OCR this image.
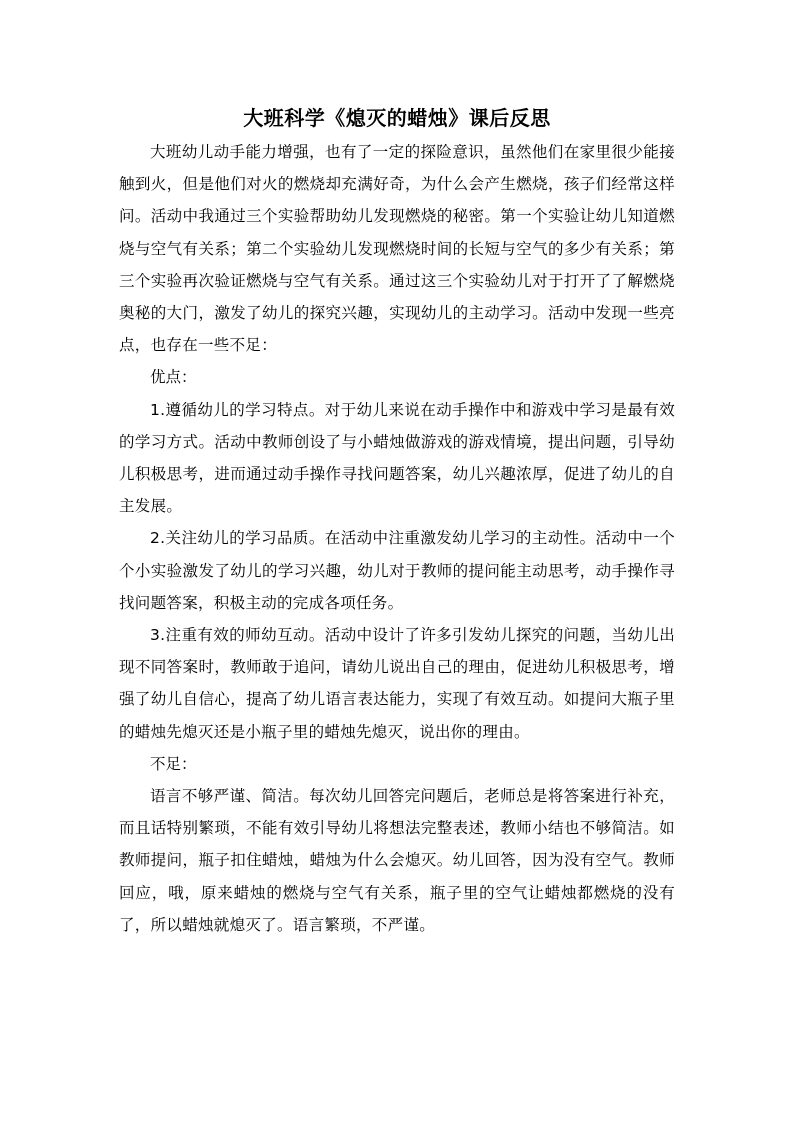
大班科学《熄灭的蜡烛》课后反思

大班幼儿动手能力增强，也有了一定的探险意识，虽然他们在家里很少能接触到火，但是他们对火的燃烧却充满好奇，为什么会产生燃烧，孩子们经常这样问。活动中我通过三个实验帮助幼儿发现燃烧的秘密。第一个实验让幼儿知道燃烧与空气有关系；第二个实验幼儿发现燃烧时间的长短与空气的多少有关系；第三个实验再次验证燃烧与空气有关系。通过这三个实验幼儿对于打开了了解燃烧奥秘的大门，激发了幼儿的探究兴趣，实现幼儿的主动学习。活动中发现一些亮点，也存在一些不足：

优点：

1.遵循幼儿的学习特点。对于幼儿来说在动手操作中和游戏中学习是最有效的学习方式。活动中教师创设了与小蜡烛做游戏的游戏情境，提出问题，引导幼儿积极思考，进而通过动手操作寻找问题答案，幼儿兴趣浓厚，促进了幼儿的自主发展。

2.关注幼儿的学习品质。在活动中注重激发幼儿学习的主动性。活动中一个个小实验激发了幼儿的学习兴趣，幼儿对于教师的提问能主动思考，动手操作寻找问题答案，积极主动的完成各项任务。

3.注重有效的师幼互动。活动中设计了许多引发幼儿探究的问题，当幼儿出现不同答案时，教师敢于追问，请幼儿说出自己的理由，促进幼儿积极思考，增强了幼儿自信心，提高了幼儿语言表达能力，实现了有效互动。如提问大瓶子里的蜡烛先熄灭还是小瓶子里的蜡烛先熄灭，说出你的理由。

不足：

语言不够严谨、简洁。每次幼儿回答完问题后，老师总是将答案进行补充，而且话特别繁琐，不能有效引导幼儿将想法完整表述，教师小结也不够简洁。如教师提问，瓶子扣住蜡烛，蜡烛为什么会熄灭。幼儿回答，因为没有空气。教师回应，哦，原来蜡烛的燃烧与空气有关系，瓶子里的空气让蜡烛都燃烧的没有了，所以蜡烛就熄灭了。语言繁琐，不严谨。
